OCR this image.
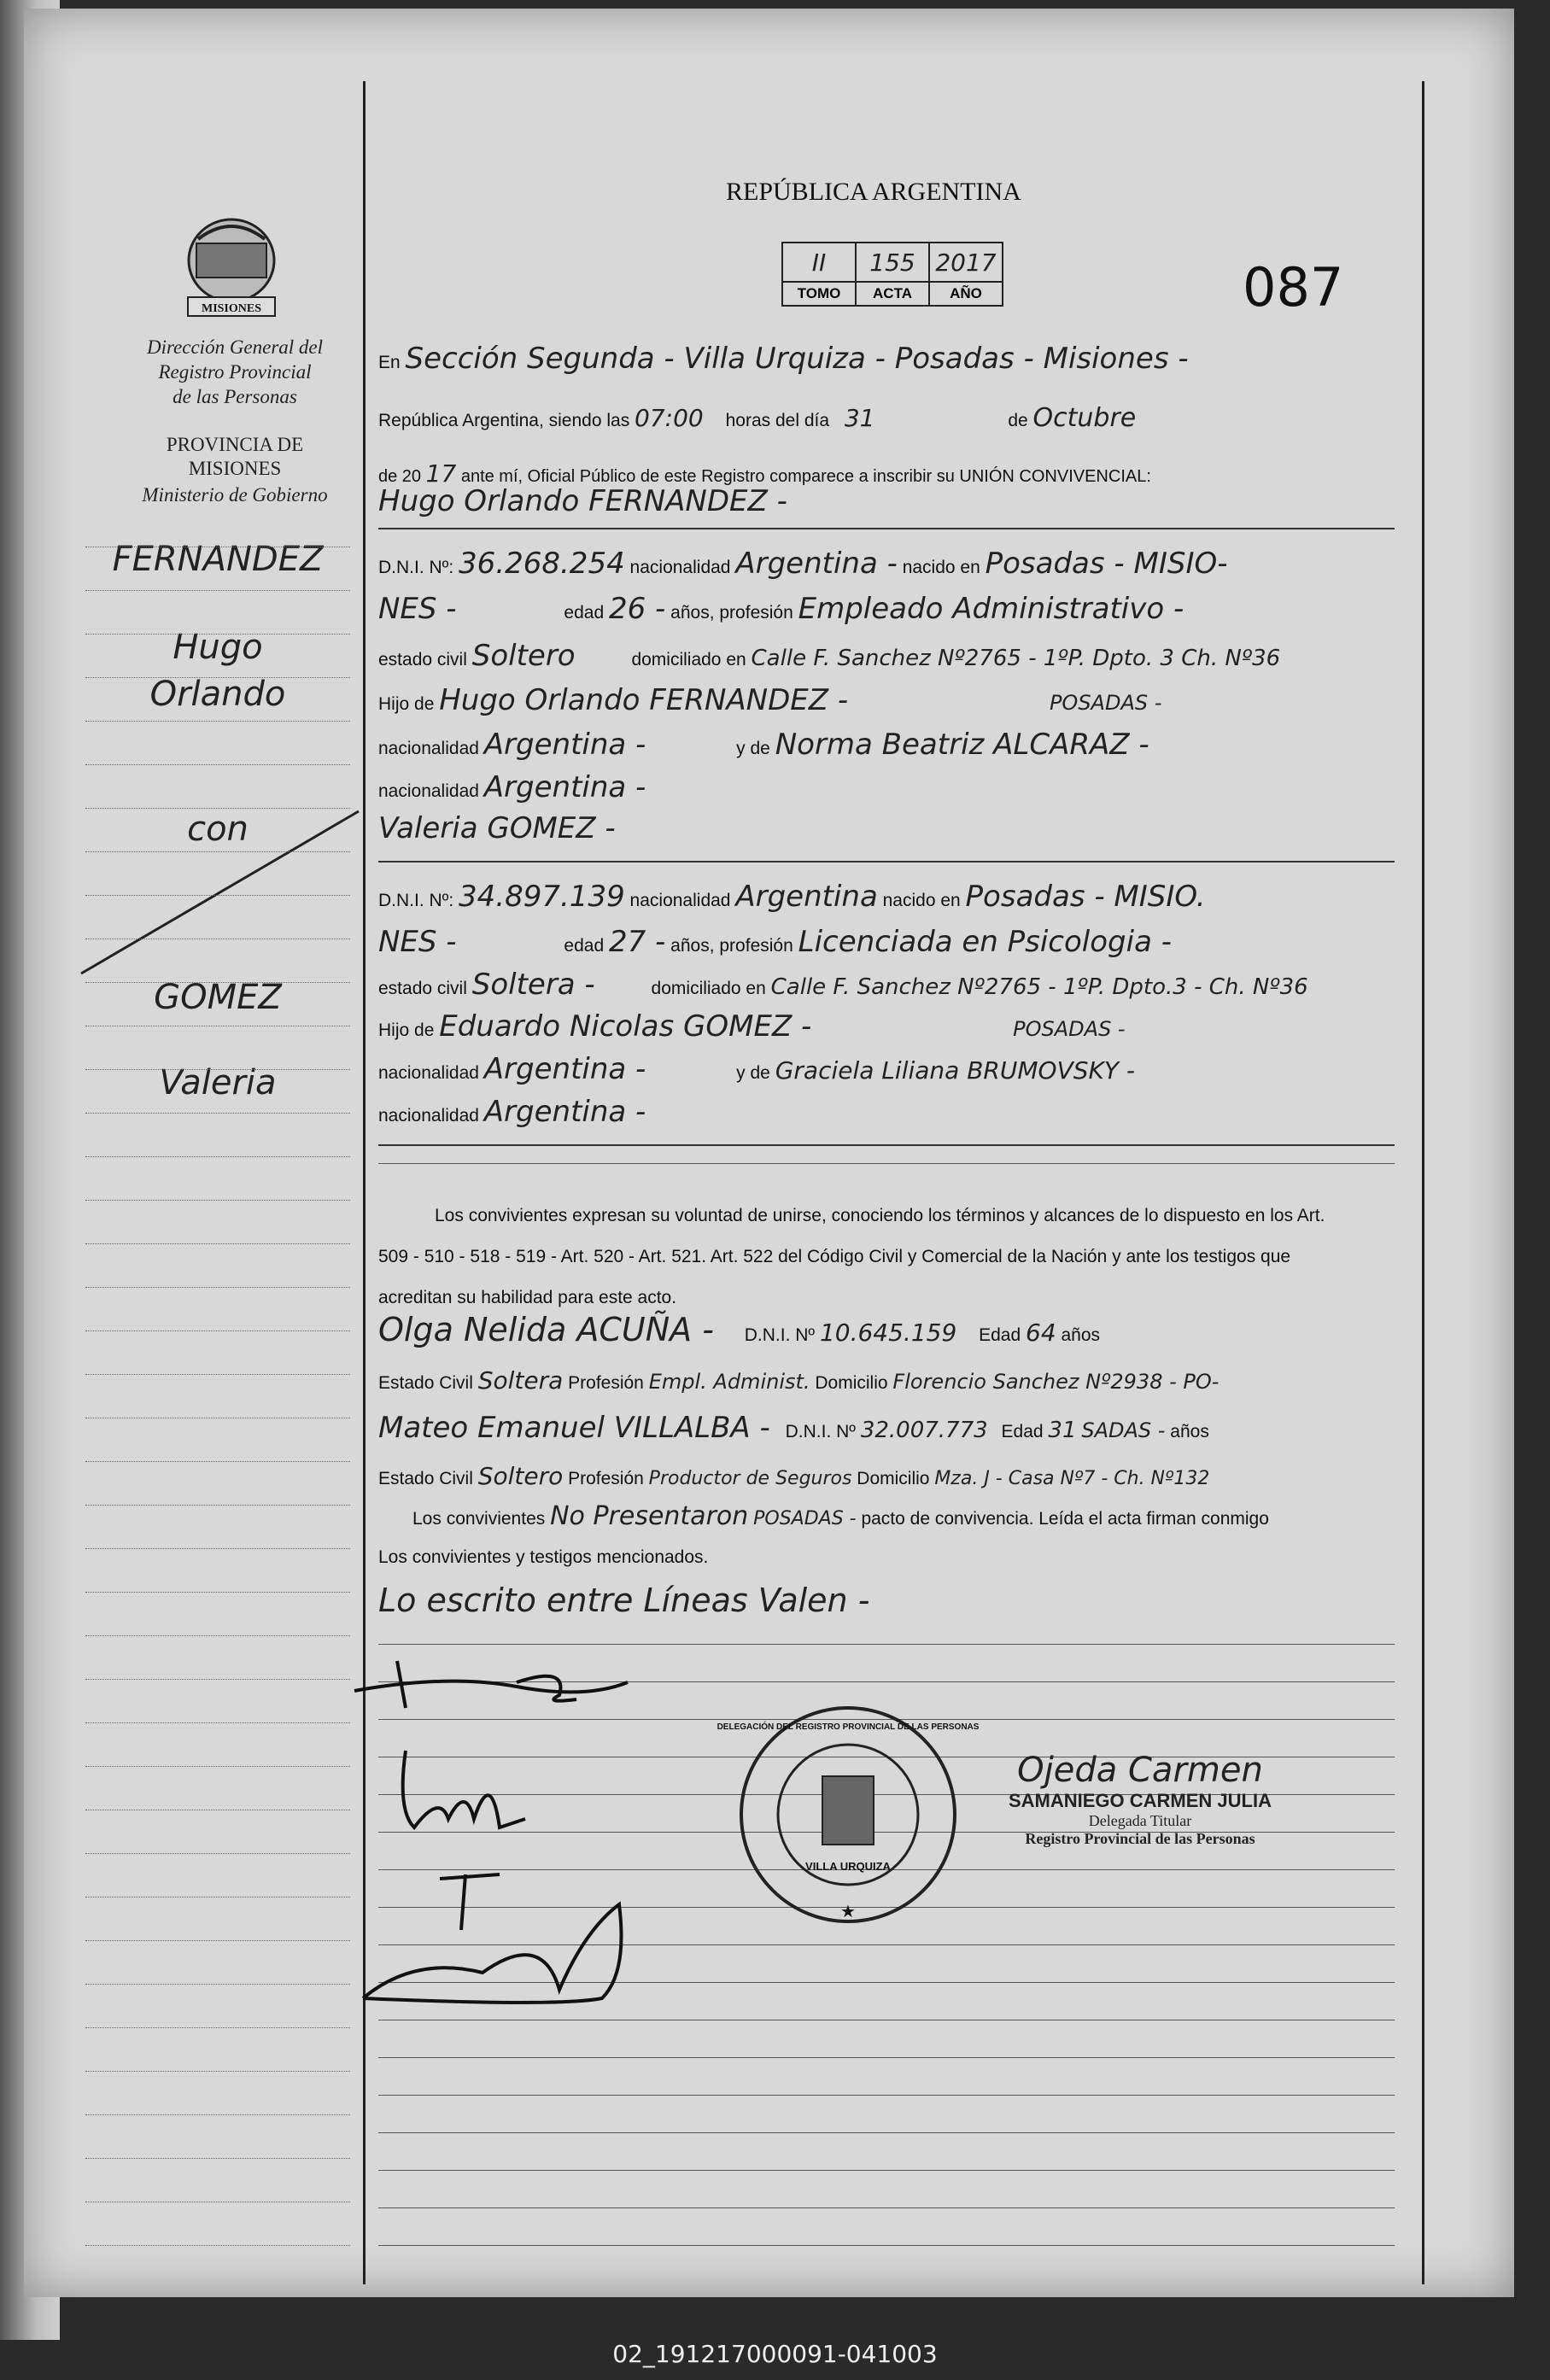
REPÚBLICA ARGENTINA
II	155	2017
TOMO	ACTA	AÑO	087
MISIONES
Dirección General del
Registro Provincial
de las Personas
PROVINCIA DE
MISIONES
Ministerio de Gobierno
FERNANDEZ
Hugo
Orlando
con
GOMEZ
Valeria
En Sección Segunda - Villa Urquiza - Posadas - Misiones -
República Argentina, siendo las 07:00 horas del día 31	de Octubre
de 20 17 ante mí, Oficial Público de este Registro comparece a inscribir su UNIÓN CONVIVENCIAL:
Hugo Orlando FERNANDEZ -
D.N.I. Nº: 36.268.254 nacionalidad Argentina - nacido en Posadas - MISIO-
NES -	edad 26 - años, profesión Empleado Administrativo -
estado civil Soltero	domiciliado en Calle F. Sanchez Nº2765 - 1ºP. Dpto. 3 Ch. Nº36
Hijo de Hugo Orlando FERNANDEZ -	POSADAS -
nacionalidad Argentina -	y de Norma Beatriz ALCARAZ -
nacionalidad Argentina -
Valeria GOMEZ -
D.N.I. Nº: 34.897.139 nacionalidad Argentina nacido en Posadas - MISIO.
NES -	edad 27 - años, profesión Licenciada en Psicologia -
estado civil Soltera -	domiciliado en Calle F. Sanchez Nº2765 - 1ºP. Dpto.3 - Ch. Nº36
Hijo de Eduardo Nicolas GOMEZ -	POSADAS -
nacionalidad Argentina -	y de Graciela Liliana BRUMOVSKY -
nacionalidad Argentina -

Los convivientes expresan su voluntad de unirse, conociendo los términos y alcances de lo dispuesto en los Art.

509 - 510 - 518 - 519 - Art. 520 - Art. 521. Art. 522 del Código Civil y Comercial de la Nación y ante los testigos que

acreditan su habilidad para este acto.

Olga Nelida ACUÑA - D.N.I. Nº 10.645.159 Edad 64 años
Estado Civil Soltera Profesión Empl. Administ. Domicilio Florencio Sanchez Nº2938 - PO-
Mateo Emanuel VILLALBA - D.N.I. Nº 32.007.773 Edad 31 SADAS - años
Estado Civil Soltero Profesión Productor de Seguros Domicilio Mza. J - Casa Nº7 - Ch. Nº132
Los convivientes No Presentaron POSADAS - pacto de convivencia. Leída el acta firman conmigo
Los convivientes y testigos mencionados.
Lo escrito entre Líneas Valen -
VILLA URQUIZA
DELEGACIÓN DEL REGISTRO PROVINCIAL DE LAS PERSONAS
★
Ojeda Carmen
SAMANIEGO CARMEN JULIA
Delegada Titular
Registro Provincial de las Personas
02_191217000091-041003
